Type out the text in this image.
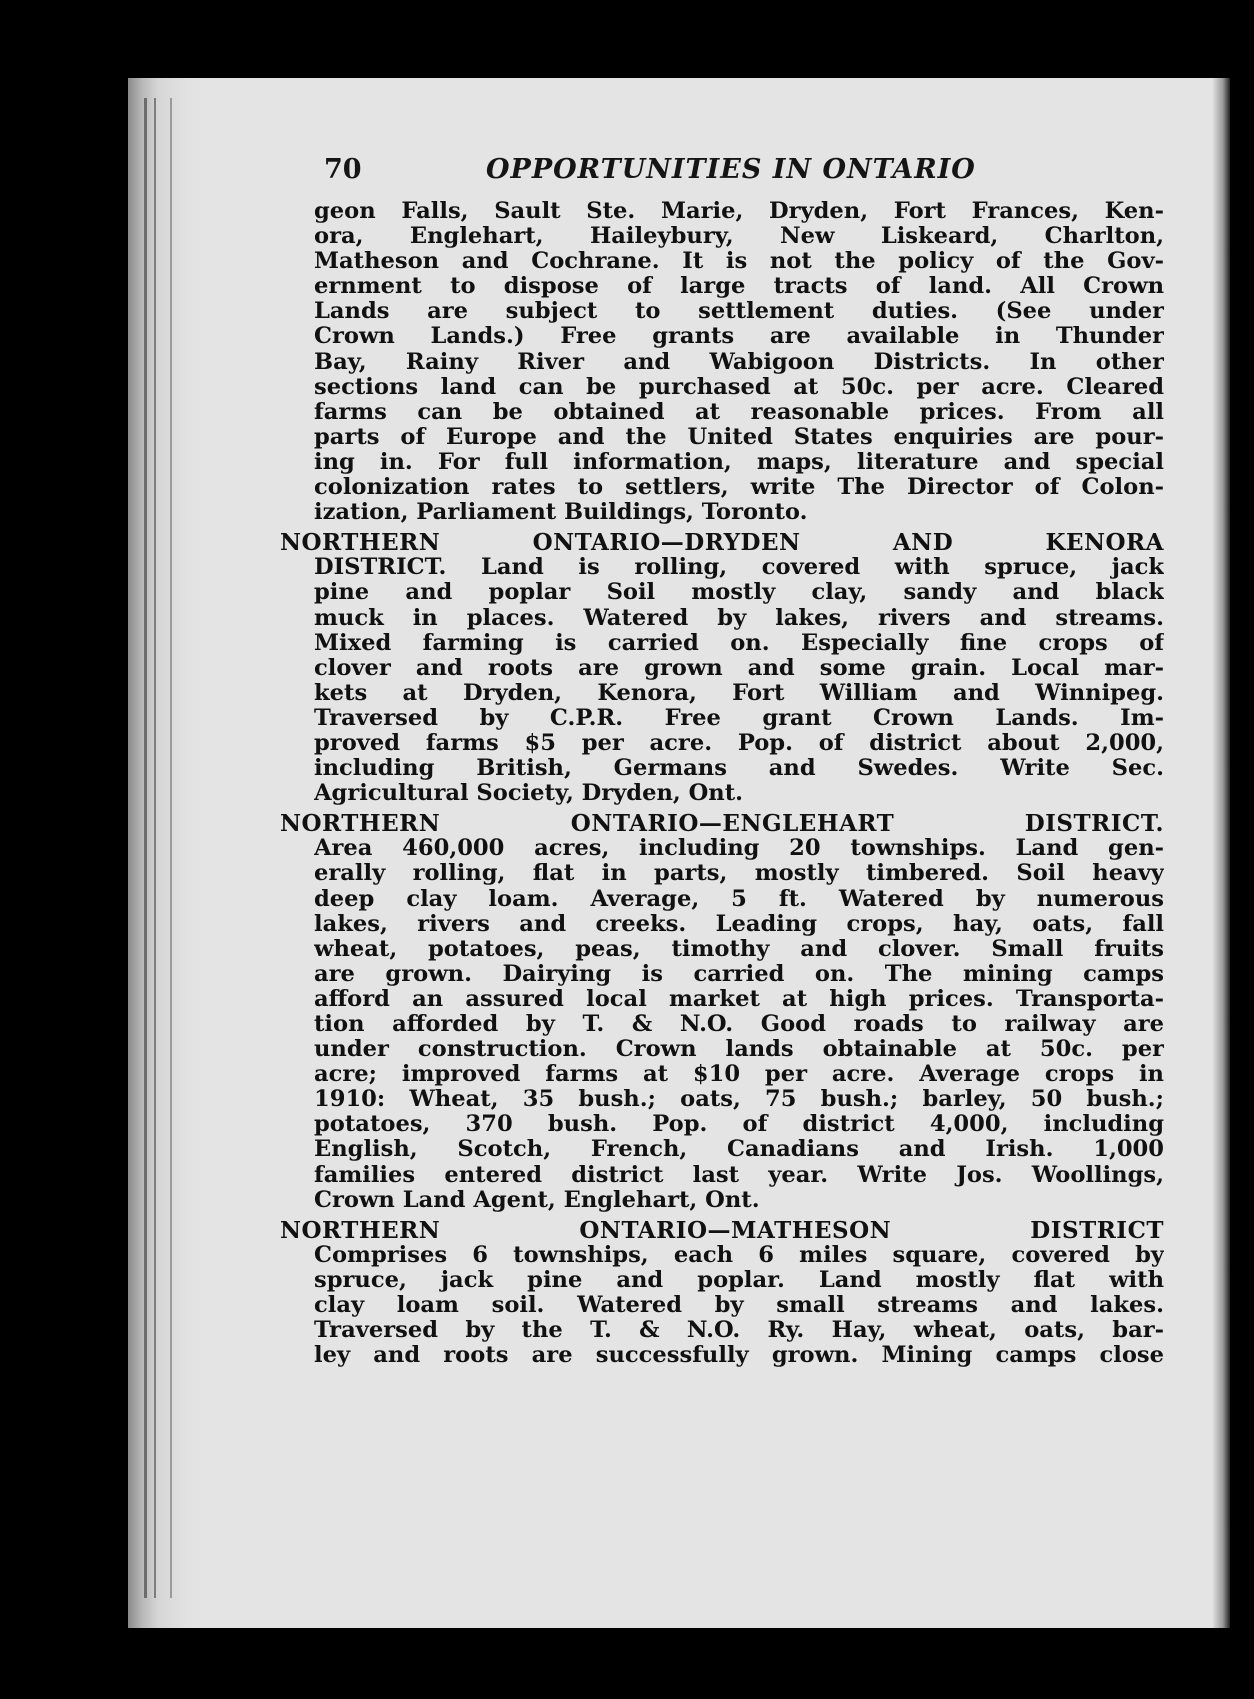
70	OPPORTUNITIES IN ONTARIO
geon Falls, Sault Ste. Marie, Dryden, Fort Frances, Ken-
ora, Englehart, Haileybury, New Liskeard, Charlton,
Matheson and Cochrane. It is not the policy of the Gov-
ernment to dispose of large tracts of land. All Crown
Lands are subject to settlement duties. (See under
Crown Lands.) Free grants are available in Thunder
Bay, Rainy River and Wabigoon Districts. In other
sections land can be purchased at 50c. per acre. Cleared
farms can be obtained at reasonable prices. From all
parts of Europe and the United States enquiries are pour-
ing in. For full information, maps, literature and special
colonization rates to settlers, write The Director of Colon-
ization, Parliament Buildings, Toronto.
NORTHERN ONTARIO—DRYDEN AND KENORA
DISTRICT. Land is rolling, covered with spruce, jack
pine and poplar Soil mostly clay, sandy and black
muck in places. Watered by lakes, rivers and streams.
Mixed farming is carried on. Especially fine crops of
clover and roots are grown and some grain. Local mar-
kets at Dryden, Kenora, Fort William and Winnipeg.
Traversed by C.P.R. Free grant Crown Lands. Im-
proved farms $5 per acre. Pop. of district about 2,000,
including British, Germans and Swedes. Write Sec.
Agricultural Society, Dryden, Ont.
NORTHERN ONTARIO—ENGLEHART DISTRICT.
Area 460,000 acres, including 20 townships. Land gen-
erally rolling, flat in parts, mostly timbered. Soil heavy
deep clay loam. Average, 5 ft. Watered by numerous
lakes, rivers and creeks. Leading crops, hay, oats, fall
wheat, potatoes, peas, timothy and clover. Small fruits
are grown. Dairying is carried on. The mining camps
afford an assured local market at high prices. Transporta-
tion afforded by T. & N.O. Good roads to railway are
under construction. Crown lands obtainable at 50c. per
acre; improved farms at $10 per acre. Average crops in
1910: Wheat, 35 bush.; oats, 75 bush.; barley, 50 bush.;
potatoes, 370 bush. Pop. of district 4,000, including
English, Scotch, French, Canadians and Irish. 1,000
families entered district last year. Write Jos. Woollings,
Crown Land Agent, Englehart, Ont.
NORTHERN ONTARIO—MATHESON DISTRICT
Comprises 6 townships, each 6 miles square, covered by
spruce, jack pine and poplar. Land mostly flat with
clay loam soil. Watered by small streams and lakes.
Traversed by the T. & N.O. Ry. Hay, wheat, oats, bar-
ley and roots are successfully grown. Mining camps close
